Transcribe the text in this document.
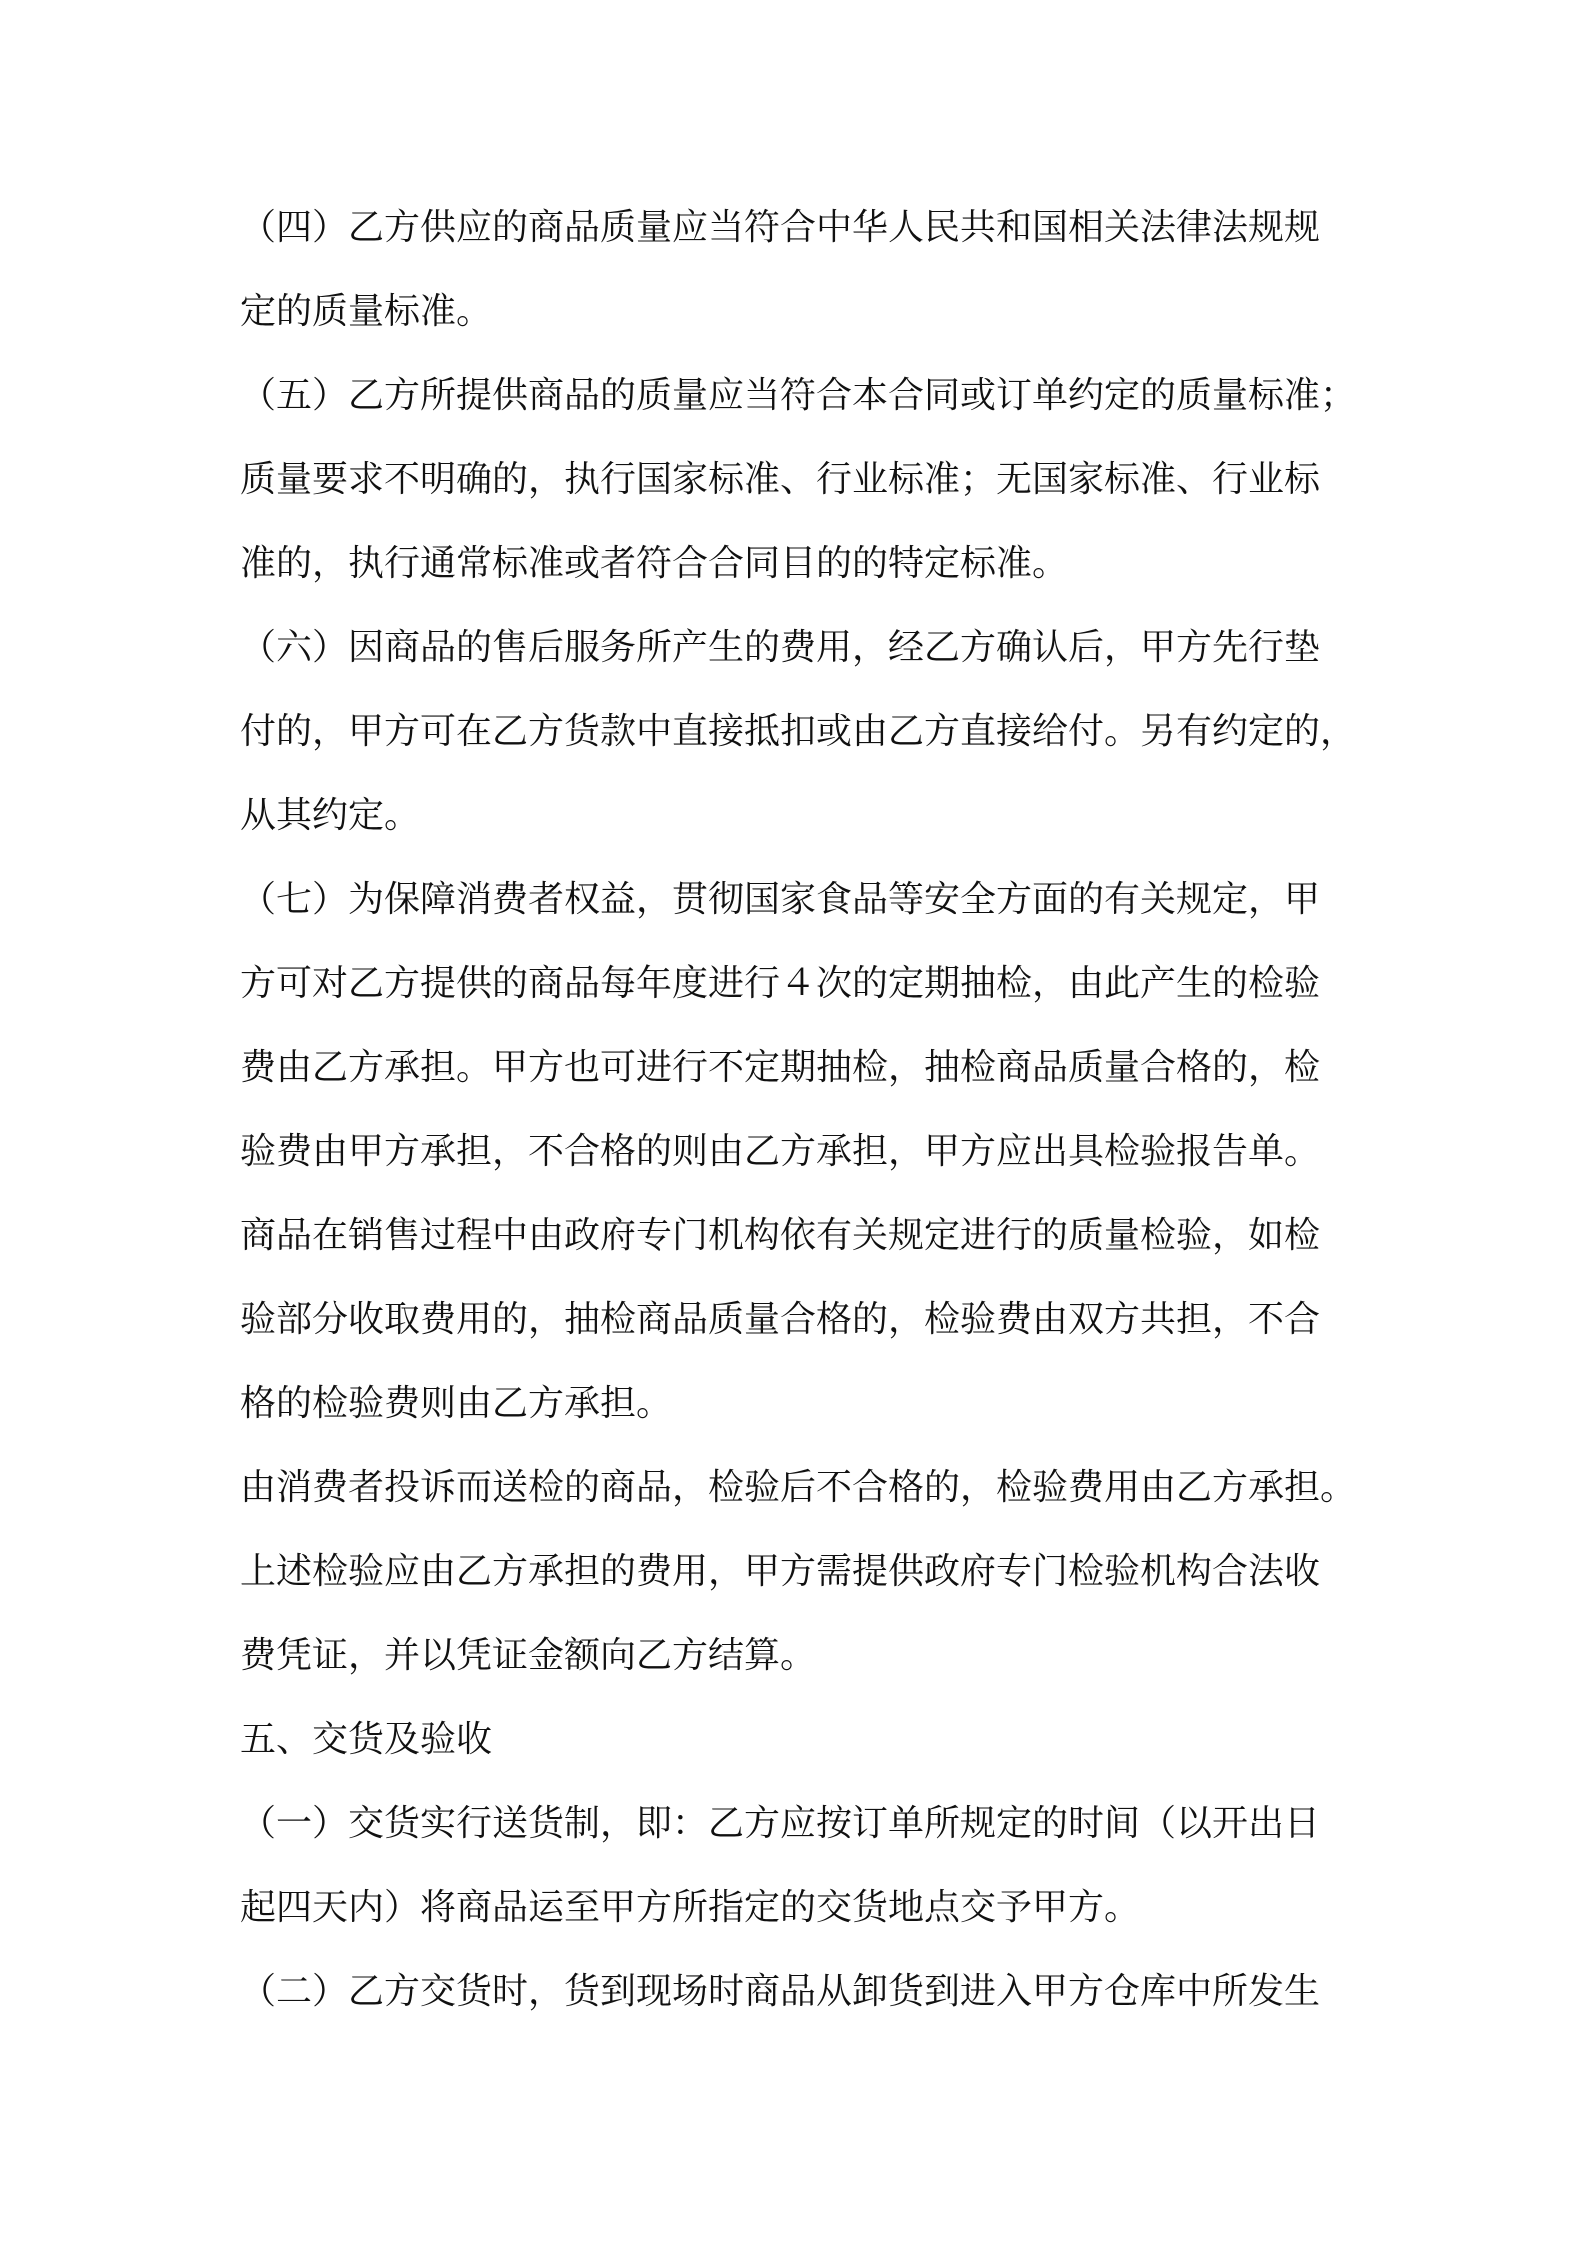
（四）乙方供应的商品质量应当符合中华人民共和国相关法律法规规
定的质量标准。
（五）乙方所提供商品的质量应当符合本合同或订单约定的质量标准；
质量要求不明确的，执行国家标准、行业标准；无国家标准、行业标
准的，执行通常标准或者符合合同目的的特定标准。
（六）因商品的售后服务所产生的费用，经乙方确认后，甲方先行垫
付的，甲方可在乙方货款中直接抵扣或由乙方直接给付。另有约定的，
从其约定。
（七）为保障消费者权益，贯彻国家食品等安全方面的有关规定，甲
方可对乙方提供的商品每年度进行４次的定期抽检，由此产生的检验
费由乙方承担。甲方也可进行不定期抽检，抽检商品质量合格的，检
验费由甲方承担，不合格的则由乙方承担，甲方应出具检验报告单。
商品在销售过程中由政府专门机构依有关规定进行的质量检验，如检
验部分收取费用的，抽检商品质量合格的，检验费由双方共担，不合
格的检验费则由乙方承担。
由消费者投诉而送检的商品，检验后不合格的，检验费用由乙方承担。
上述检验应由乙方承担的费用，甲方需提供政府专门检验机构合法收
费凭证，并以凭证金额向乙方结算。
五、交货及验收
（一）交货实行送货制，即：乙方应按订单所规定的时间（以开出日
起四天内）将商品运至甲方所指定的交货地点交予甲方。
（二）乙方交货时，货到现场时商品从卸货到进入甲方仓库中所发生
